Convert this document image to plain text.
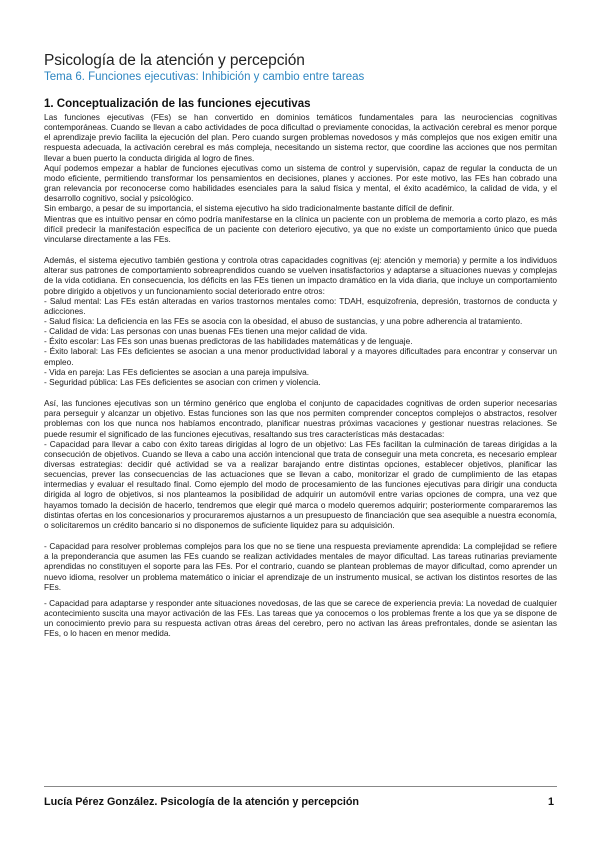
Psicología de la atención y percepción
Tema 6. Funciones ejecutivas: Inhibición y cambio entre tareas
1. Conceptualización de las funciones ejecutivas

Las funciones ejecutivas (FEs) se han convertido en dominios temáticos fundamentales para las neurociencias cognitivas contemporáneas. Cuando se llevan a cabo actividades de poca dificultad o previamente conocidas, la activación cerebral es menor porque el aprendizaje previo facilita la ejecución del plan. Pero cuando surgen problemas novedosos y más complejos que nos exigen emitir una respuesta adecuada, la activación cerebral es más compleja, necesitando un sistema rector, que coordine las acciones que nos permitan llevar a buen puerto la conducta dirigida al logro de fines.

Aquí podemos empezar a hablar de funciones ejecutivas como un sistema de control y supervisión, capaz de regular la conducta de un modo eficiente, permitiendo transformar los pensamientos en decisiones, planes y acciones. Por este motivo, las FEs han cobrado una gran relevancia por reconocerse como habilidades esenciales para la salud física y mental, el éxito académico, la calidad de vida, y el desarrollo cognitivo, social y psicológico.

Sin embargo, a pesar de su importancia, el sistema ejecutivo ha sido tradicionalmente bastante difícil de definir.

Mientras que es intuitivo pensar en cómo podría manifestarse en la clínica un paciente con un problema de memoria a corto plazo, es más difícil predecir la manifestación específica de un paciente con deterioro ejecutivo, ya que no existe un comportamiento único que pueda vincularse directamente a las FEs.

Además, el sistema ejecutivo también gestiona y controla otras capacidades cognitivas (ej: atención y memoria) y permite a los individuos alterar sus patrones de comportamiento sobreaprendidos cuando se vuelven insatisfactorios y adaptarse a situaciones nuevas y complejas de la vida cotidiana. En consecuencia, los déficits en las FEs tienen un impacto dramático en la vida diaria, que incluye un comportamiento pobre dirigido a objetivos y un funcionamiento social deteriorado entre otros:

- Salud mental: Las FEs están alteradas en varios trastornos mentales como: TDAH, esquizofrenia, depresión, trastornos de conducta y adicciones.

- Salud física: La deficiencia en las FEs se asocia con la obesidad, el abuso de sustancias, y una pobre adherencia al tratamiento.

- Calidad de vida: Las personas con unas buenas FEs tienen una mejor calidad de vida.

- Éxito escolar: Las FEs son unas buenas predictoras de las habilidades matemáticas y de lenguaje.

- Éxito laboral: Las FEs deficientes se asocian a una menor productividad laboral y a mayores dificultades para encontrar y conservar un empleo.

- Vida en pareja: Las FEs deficientes se asocian a una pareja impulsiva.

- Seguridad pública: Las FEs deficientes se asocian con crimen y violencia.

Así, las funciones ejecutivas son un término genérico que engloba el conjunto de capacidades cognitivas de orden superior necesarias para perseguir y alcanzar un objetivo. Estas funciones son las que nos permiten comprender conceptos complejos o abstractos, resolver problemas con los que nunca nos habíamos encontrado, planificar nuestras próximas vacaciones y gestionar nuestras relaciones. Se puede resumir el significado de las funciones ejecutivas, resaltando sus tres características más destacadas:

- Capacidad para llevar a cabo con éxito tareas dirigidas al logro de un objetivo: Las FEs facilitan la culminación de tareas dirigidas a la consecución de objetivos. Cuando se lleva a cabo una acción intencional que trata de conseguir una meta concreta, es necesario emplear diversas estrategias: decidir qué actividad se va a realizar barajando entre distintas opciones, establecer objetivos, planificar las secuencias, prever las consecuencias de las actuaciones que se llevan a cabo, monitorizar el grado de cumplimiento de las etapas intermedias y evaluar el resultado final. Como ejemplo del modo de procesamiento de las funciones ejecutivas para dirigir una conducta dirigida al logro de objetivos, si nos planteamos la posibilidad de adquirir un automóvil entre varias opciones de compra, una vez que hayamos tomado la decisión de hacerlo, tendremos que elegir qué marca o modelo queremos adquirir; posteriormente compararemos las distintas ofertas en los concesionarios y procuraremos ajustarnos a un presupuesto de financiación que sea asequible a nuestra economía, o solicitaremos un crédito bancario si no disponemos de suficiente liquidez para su adquisición.

- Capacidad para resolver problemas complejos para los que no se tiene una respuesta previamente aprendida: La complejidad se refiere a la preponderancia que asumen las FEs cuando se realizan actividades mentales de mayor dificultad. Las tareas rutinarias previamente aprendidas no constituyen el soporte para las FEs. Por el contrario, cuando se plantean problemas de mayor dificultad, como aprender un nuevo idioma, resolver un problema matemático o iniciar el aprendizaje de un instrumento musical, se activan los distintos resortes de las FEs.

- Capacidad para adaptarse y responder ante situaciones novedosas, de las que se carece de experiencia previa: La novedad de cualquier acontecimiento suscita una mayor activación de las FEs. Las tareas que ya conocemos o los problemas frente a los que ya se dispone de un conocimiento previo para su respuesta activan otras áreas del cerebro, pero no activan las áreas prefrontales, donde se asientan las FEs, o lo hacen en menor medida.

Lucía Pérez González. Psicología de la atención y percepción	1
